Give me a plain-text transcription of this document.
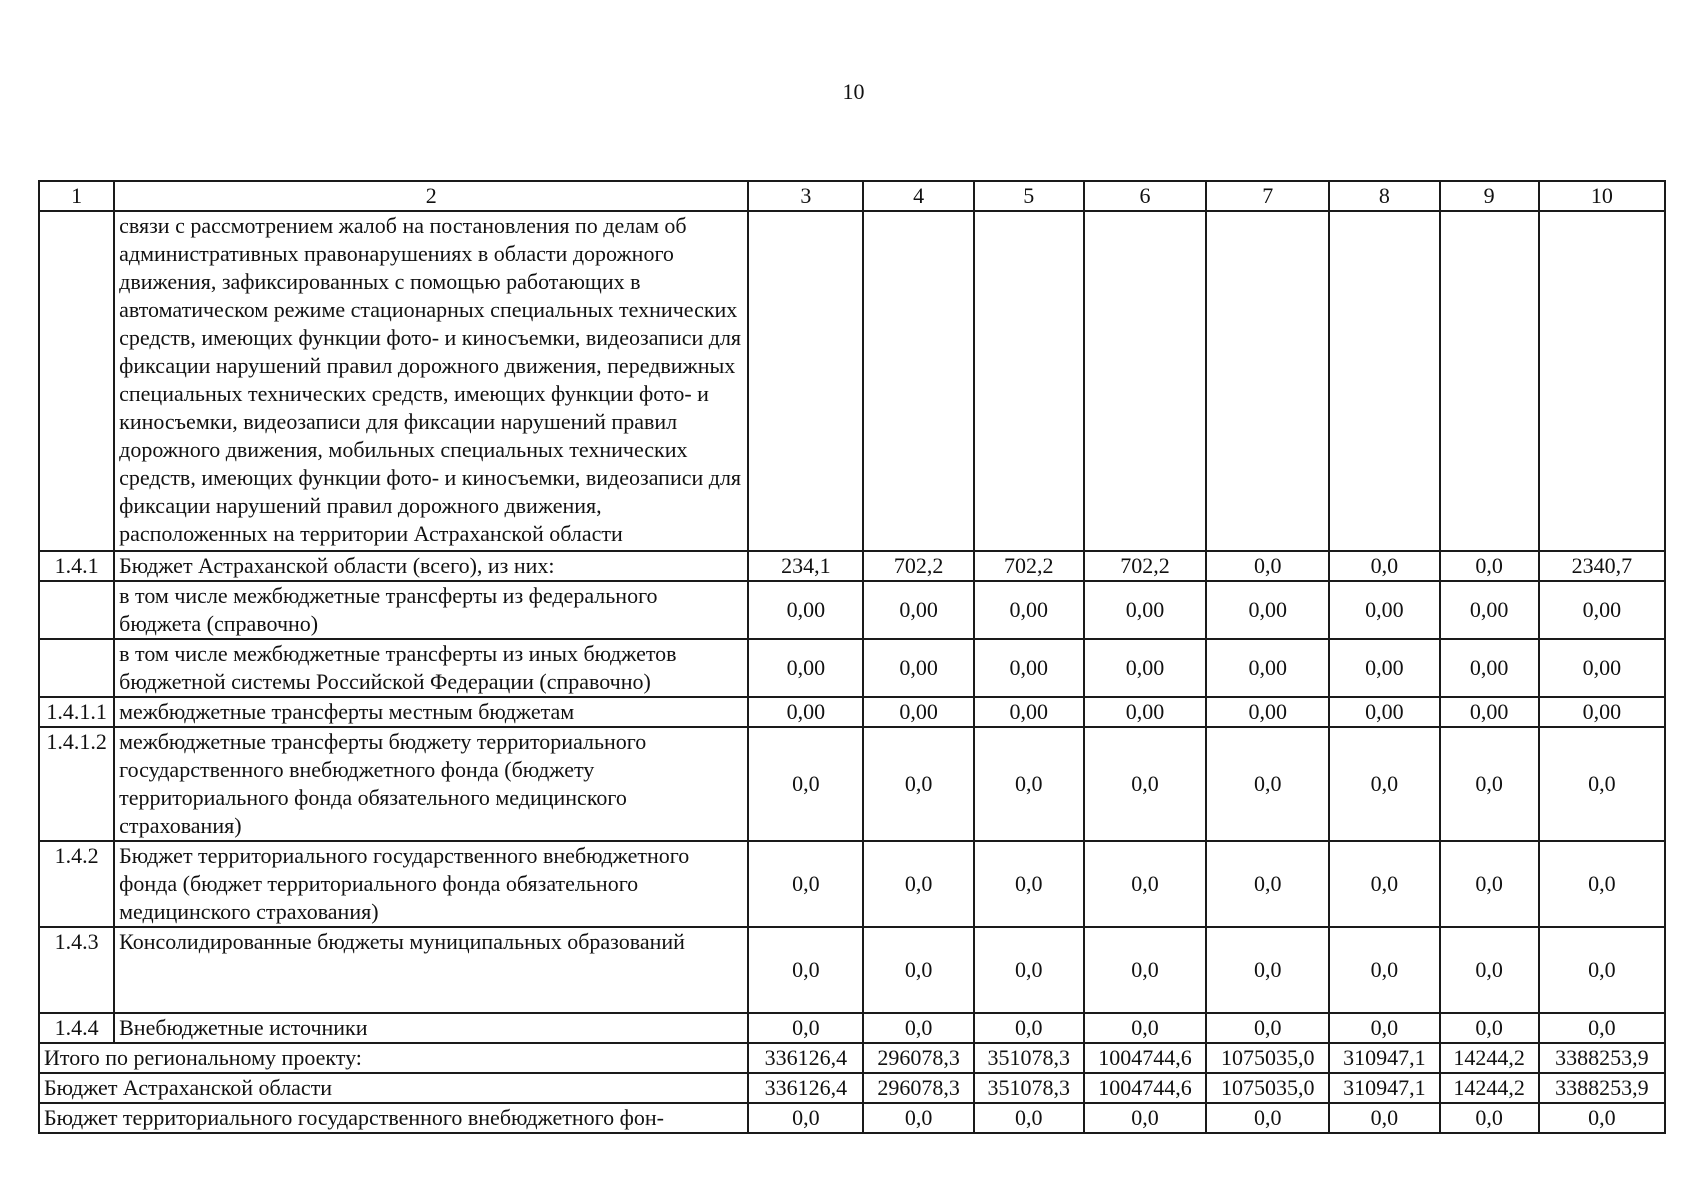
10
1	2	3	4	5	6	7	8	9	10
	связи с рассмотрением жалоб на постановления по делам об административных правонарушениях в области дорожного движения, зафиксированных с помощью работающих в автоматическом режиме стационарных специальных технических средств, имеющих функции фото- и киносъемки, видеозаписи для фиксации нарушений правил дорожного движения, передвижных специальных технических средств, имеющих функции фото- и киносъемки, видеозаписи для фиксации нарушений правил дорожного движения, мобильных специальных технических средств, имеющих функции фото- и киносъемки, видеозаписи для фиксации нарушений правил дорожного движения, расположенных на территории Астраханской области								
1.4.1	Бюджет Астраханской области (всего), из них:	234,1	702,2	702,2	702,2	0,0	0,0	0,0	2340,7
	в том числе межбюджетные трансферты из федерального бюджета (справочно)	0,00	0,00	0,00	0,00	0,00	0,00	0,00	0,00
	в том числе межбюджетные трансферты из иных бюджетов бюджетной системы Российской Федерации (справочно)	0,00	0,00	0,00	0,00	0,00	0,00	0,00	0,00
1.4.1.1	межбюджетные трансферты местным бюджетам	0,00	0,00	0,00	0,00	0,00	0,00	0,00	0,00
1.4.1.2	межбюджетные трансферты бюджету территориального государственного внебюджетного фонда (бюджету территориального фонда обязательного медицинского страхования)	0,0	0,0	0,0	0,0	0,0	0,0	0,0	0,0
1.4.2	Бюджет территориального государственного внебюджетного фонда (бюджет территориального фонда обязательного медицинского страхования)	0,0	0,0	0,0	0,0	0,0	0,0	0,0	0,0
1.4.3	Консолидированные бюджеты муниципальных образований	0,0	0,0	0,0	0,0	0,0	0,0	0,0	0,0
1.4.4	Внебюджетные источники	0,0	0,0	0,0	0,0	0,0	0,0	0,0	0,0
Итого по региональному проекту:		336126,4	296078,3	351078,3	1004744,6	1075035,0	310947,1	14244,2	3388253,9
Бюджет Астраханской области		336126,4	296078,3	351078,3	1004744,6	1075035,0	310947,1	14244,2	3388253,9
Бюджет территориального государственного внебюджетного фон-		0,0	0,0	0,0	0,0	0,0	0,0	0,0	0,0
